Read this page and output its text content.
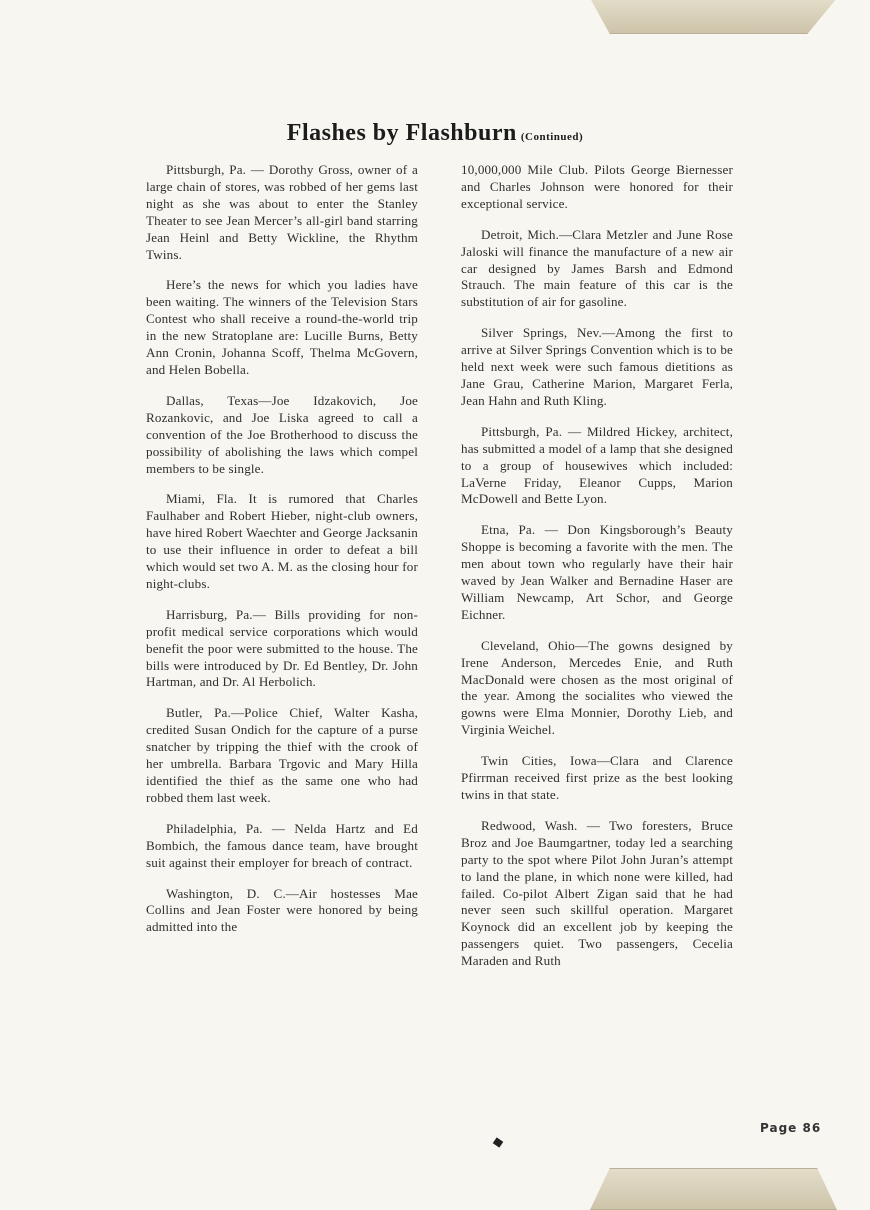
Flashes by Flashburn (Continued)

Pittsburgh, Pa. — Dorothy Gross, owner of a large chain of stores, was robbed of her gems last night as she was about to enter the Stanley Theater to see Jean Mercer’s all-girl band starring Jean Heinl and Betty Wickline, the Rhythm Twins.

Here’s the news for which you ladies have been waiting. The winners of the Television Stars Contest who shall receive a round-the-world trip in the new Stratoplane are: Lucille Burns, Betty Ann Cronin, Johanna Scoff, Thelma McGovern, and Helen Bobella.

Dallas, Texas—Joe Idzakovich, Joe Rozankovic, and Joe Liska agreed to call a convention of the Joe Brotherhood to discuss the possibility of abolishing the laws which compel members to be single.

Miami, Fla. It is rumored that Charles Faulhaber and Robert Hieber, night-club owners, have hired Robert Waechter and George Jacksanin to use their influence in order to defeat a bill which would set two A. M. as the closing hour for night-clubs.

Harrisburg, Pa.— Bills providing for non-profit medical service corporations which would benefit the poor were submitted to the house. The bills were introduced by Dr. Ed Bentley, Dr. John Hartman, and Dr. Al Herbolich.

Butler, Pa.—Police Chief, Walter Kasha, credited Susan Ondich for the capture of a purse snatcher by tripping the thief with the crook of her umbrella. Barbara Trgovic and Mary Hilla identified the thief as the same one who had robbed them last week.

Philadelphia, Pa. — Nelda Hartz and Ed Bombich, the famous dance team, have brought suit against their employer for breach of contract.

Washington, D. C.—Air hostesses Mae Collins and Jean Foster were honored by being admitted into the

10,000,000 Mile Club. Pilots George Biernesser and Charles Johnson were honored for their exceptional service.

Detroit, Mich.—Clara Metzler and June Rose Jaloski will finance the manufacture of a new air car designed by James Barsh and Edmond Strauch. The main feature of this car is the substitution of air for gasoline.

Silver Springs, Nev.—Among the first to arrive at Silver Springs Convention which is to be held next week were such famous dietitions as Jane Grau, Catherine Marion, Margaret Ferla, Jean Hahn and Ruth Kling.

Pittsburgh, Pa. — Mildred Hickey, architect, has submitted a model of a lamp that she designed to a group of housewives which included: LaVerne Friday, Eleanor Cupps, Marion McDowell and Bette Lyon.

Etna, Pa. — Don Kingsborough’s Beauty Shoppe is becoming a favorite with the men. The men about town who regularly have their hair waved by Jean Walker and Bernadine Haser are William Newcamp, Art Schor, and George Eichner.

Cleveland, Ohio—The gowns designed by Irene Anderson, Mercedes Enie, and Ruth MacDonald were chosen as the most original of the year. Among the socialites who viewed the gowns were Elma Monnier, Dorothy Lieb, and Virginia Weichel.

Twin Cities, Iowa—Clara and Clarence Pfirrman received first prize as the best looking twins in that state.

Redwood, Wash. — Two foresters, Bruce Broz and Joe Baumgartner, today led a searching party to the spot where Pilot John Juran’s attempt to land the plane, in which none were killed, had failed. Co-pilot Albert Zigan said that he had never seen such skillful operation. Margaret Koynock did an excellent job by keeping the passengers quiet. Two passengers, Cecelia Maraden and Ruth

Page 86
